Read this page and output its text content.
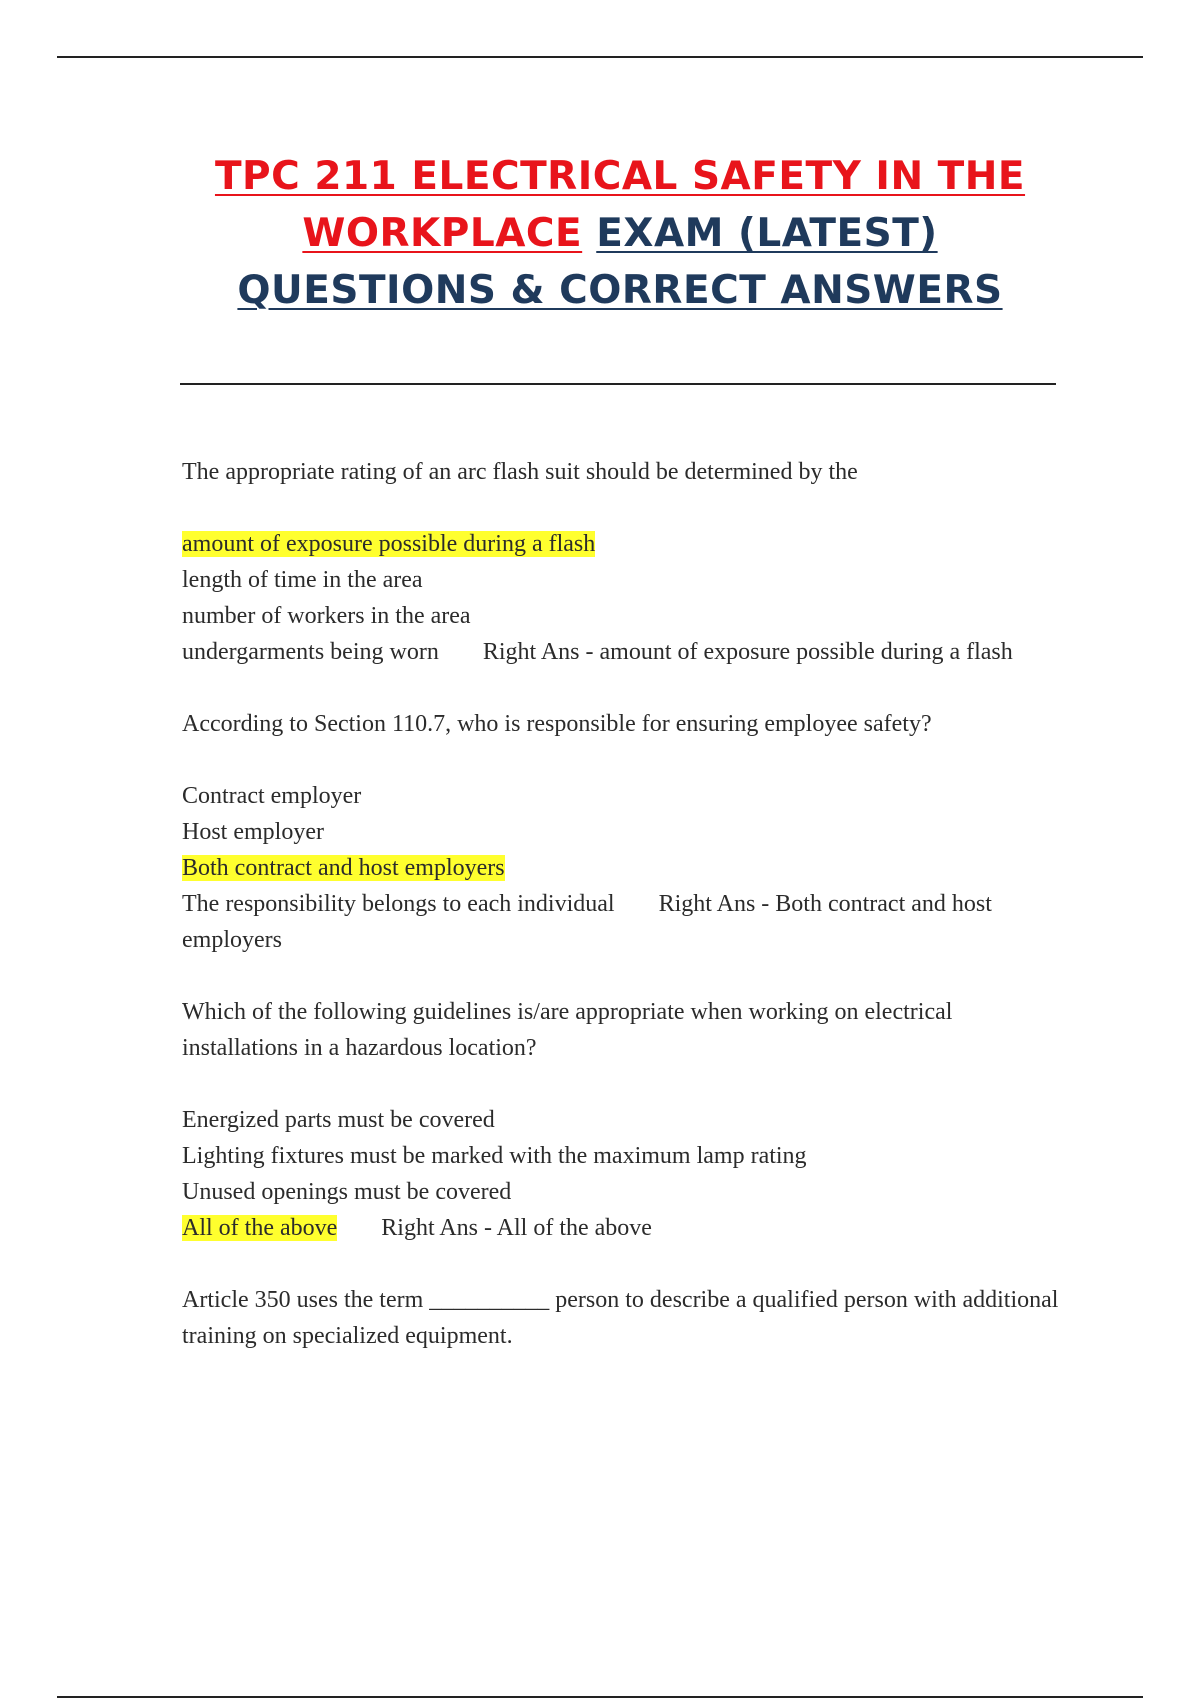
TPC 211 ELECTRICAL SAFETY IN THE WORKPLACE EXAM (LATEST)
QUESTIONS & CORRECT ANSWERS
The appropriate rating of an arc flash suit should be determined by the
amount of exposure possible during a flash
length of time in the area
number of workers in the area
undergarments being worn Right Ans - amount of exposure possible during a flash
According to Section 110.7, who is responsible for ensuring employee safety?
Contract employer
Host employer
Both contract and host employers
The responsibility belongs to each individual Right Ans - Both contract and host employers
Which of the following guidelines is/are appropriate when working on electrical installations in a hazardous location?
Energized parts must be covered
Lighting fixtures must be marked with the maximum lamp rating
Unused openings must be covered
All of the above Right Ans - All of the above
Article 350 uses the term __________ person to describe a qualified person with additional training on specialized equipment.
